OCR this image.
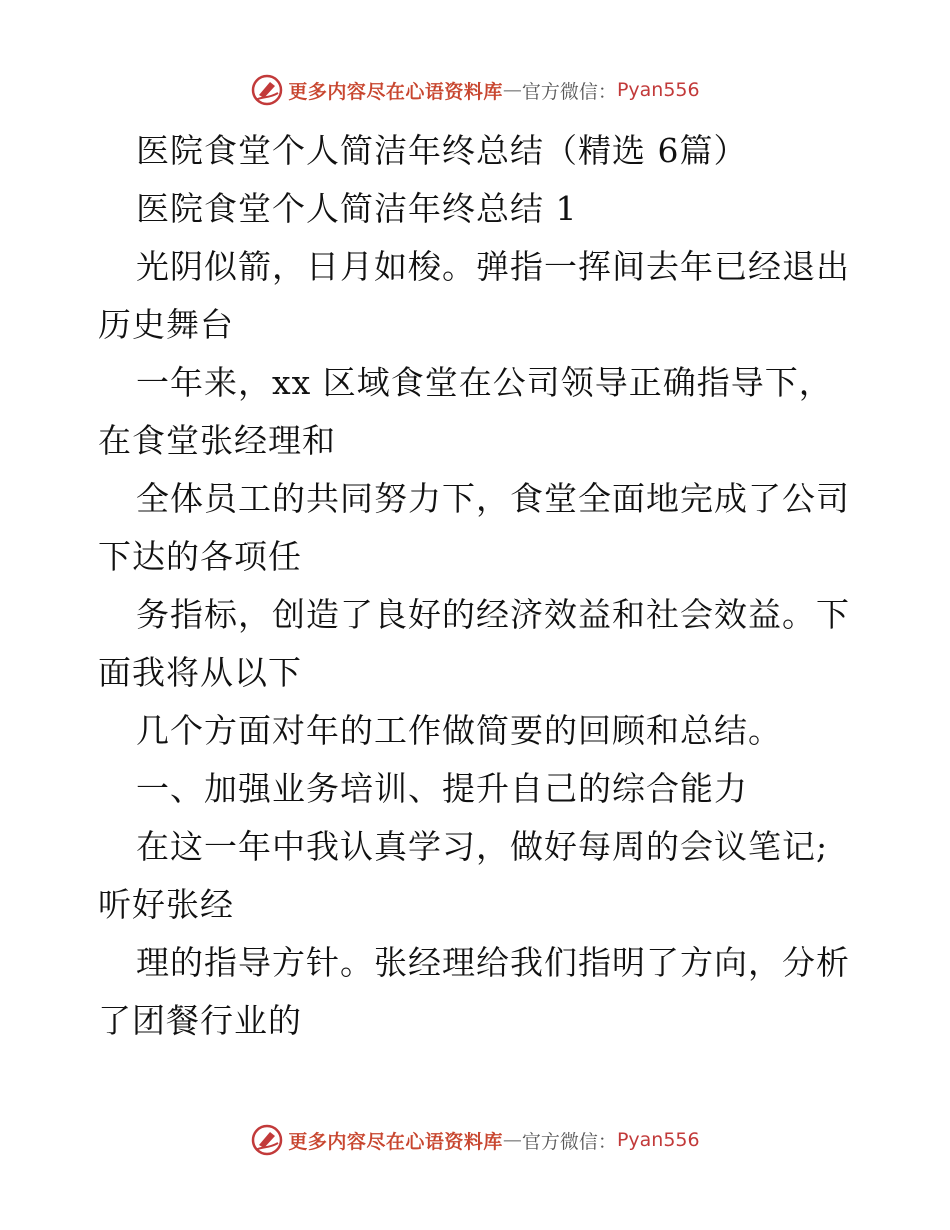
更多内容尽在心语资料库 — 官方微信： Pyan556
医院食堂个人简洁年终总结（精选 6篇）
医院食堂个人简洁年终总结 1
光阴似箭，日月如梭。弹指一挥间去年已经退出
历史舞台
一年来，xx 区域食堂在公司领导正确指导下，
在食堂张经理和
全体员工的共同努力下，食堂全面地完成了公司
下达的各项任
务指标，创造了良好的经济效益和社会效益。下
面我将从以下
几个方面对年的工作做简要的回顾和总结。
一、加强业务培训、提升自己的综合能力
在这一年中我认真学习，做好每周的会议笔记;
听好张经
理的指导方针。张经理给我们指明了方向，分析
了团餐行业的
更多内容尽在心语资料库 — 官方微信： Pyan556
